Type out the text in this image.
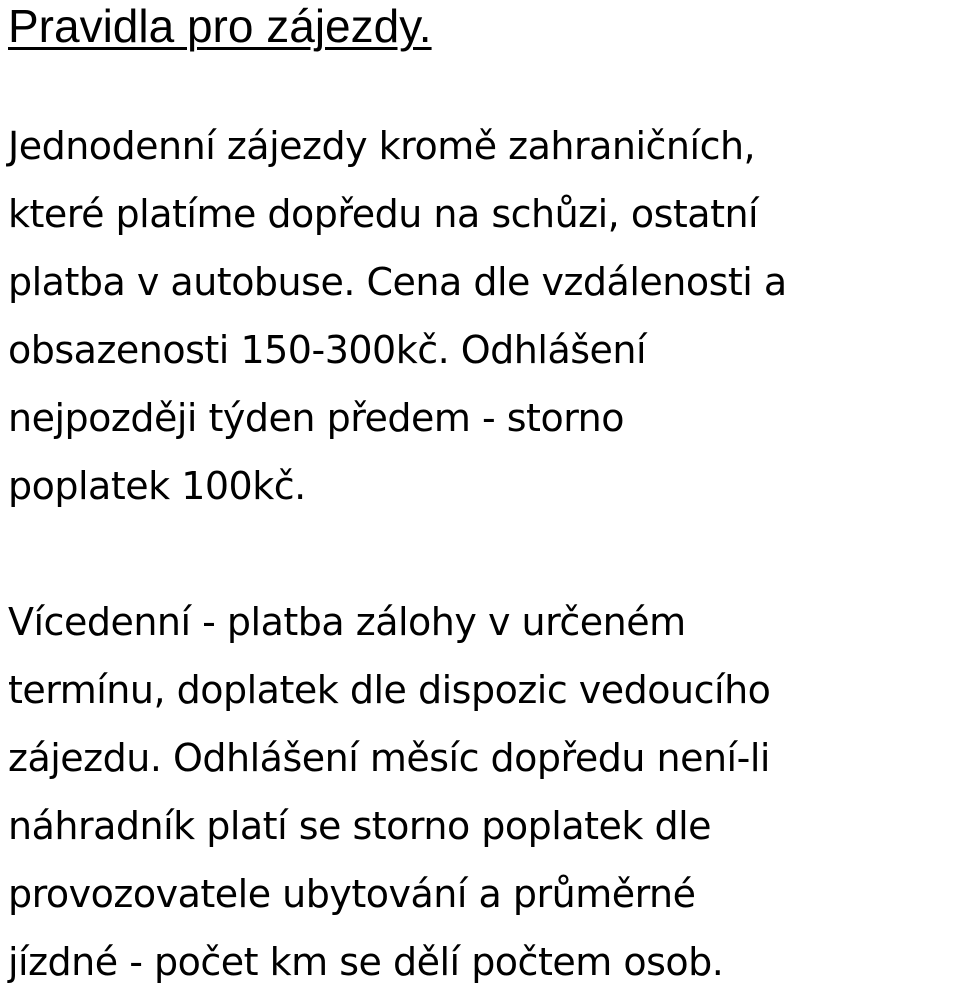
Pravidla pro zájezdy.
Jednodenní zájezdy kromě zahraničních,
které platíme dopředu na schůzi, ostatní
platba v autobuse. Cena dle vzdálenosti a
obsazenosti 150-300kč. Odhlášení
nejpozději týden předem - storno
poplatek 100kč.
Vícedenní - platba zálohy v určeném
termínu, doplatek dle dispozic vedoucího
zájezdu. Odhlášení měsíc dopředu není-li
náhradník platí se storno poplatek dle
provozovatele ubytování a průměrné
jízdné - počet km se dělí počtem osob.
